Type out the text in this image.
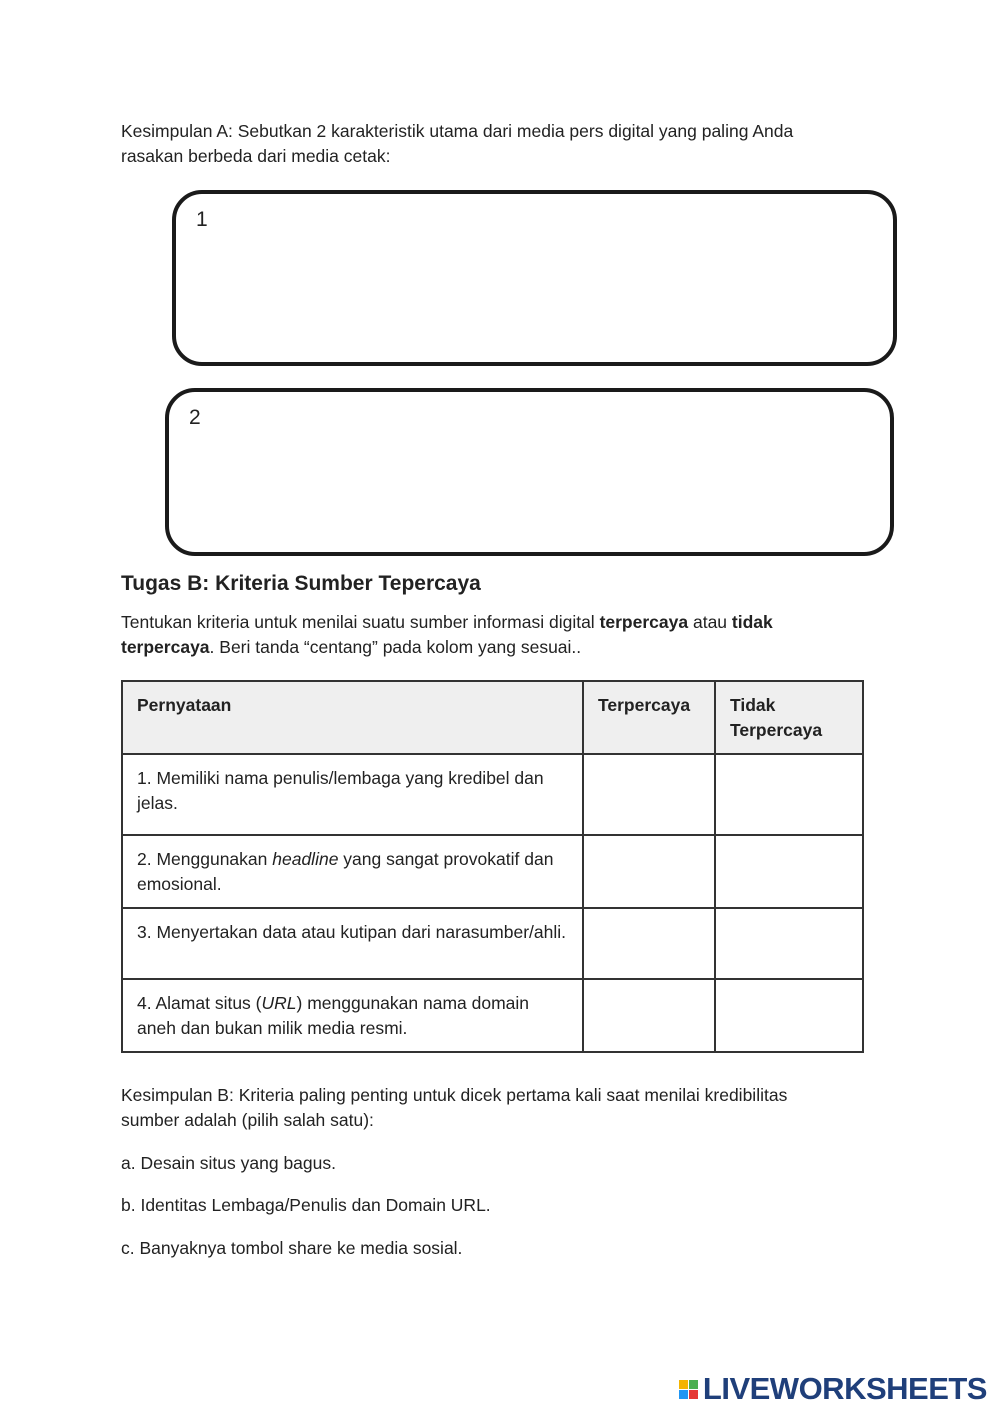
Kesimpulan A: Sebutkan 2 karakteristik utama dari media pers digital yang paling Anda rasakan berbeda dari media cetak:

1
2
Tugas B: Kriteria Sumber Tepercaya

Tentukan kriteria untuk menilai suatu sumber informasi digital terpercaya atau tidak terpercaya. Beri tanda “centang” pada kolom yang sesuai..

Pernyataan	Terpercaya	Tidak Terpercaya
1. Memiliki nama penulis/lembaga yang kredibel dan jelas.		
2. Menggunakan headline yang sangat provokatif dan emosional.		
3. Menyertakan data atau kutipan dari narasumber/ahli.		
4. Alamat situs (URL) menggunakan nama domain aneh dan bukan milik media resmi.		

Kesimpulan B: Kriteria paling penting untuk dicek pertama kali saat menilai kredibilitas sumber adalah (pilih salah satu):

a. Desain situs yang bagus.

b. Identitas Lembaga/Penulis dan Domain URL.

c. Banyaknya tombol share ke media sosial.

LIVEWORKSHEETS
